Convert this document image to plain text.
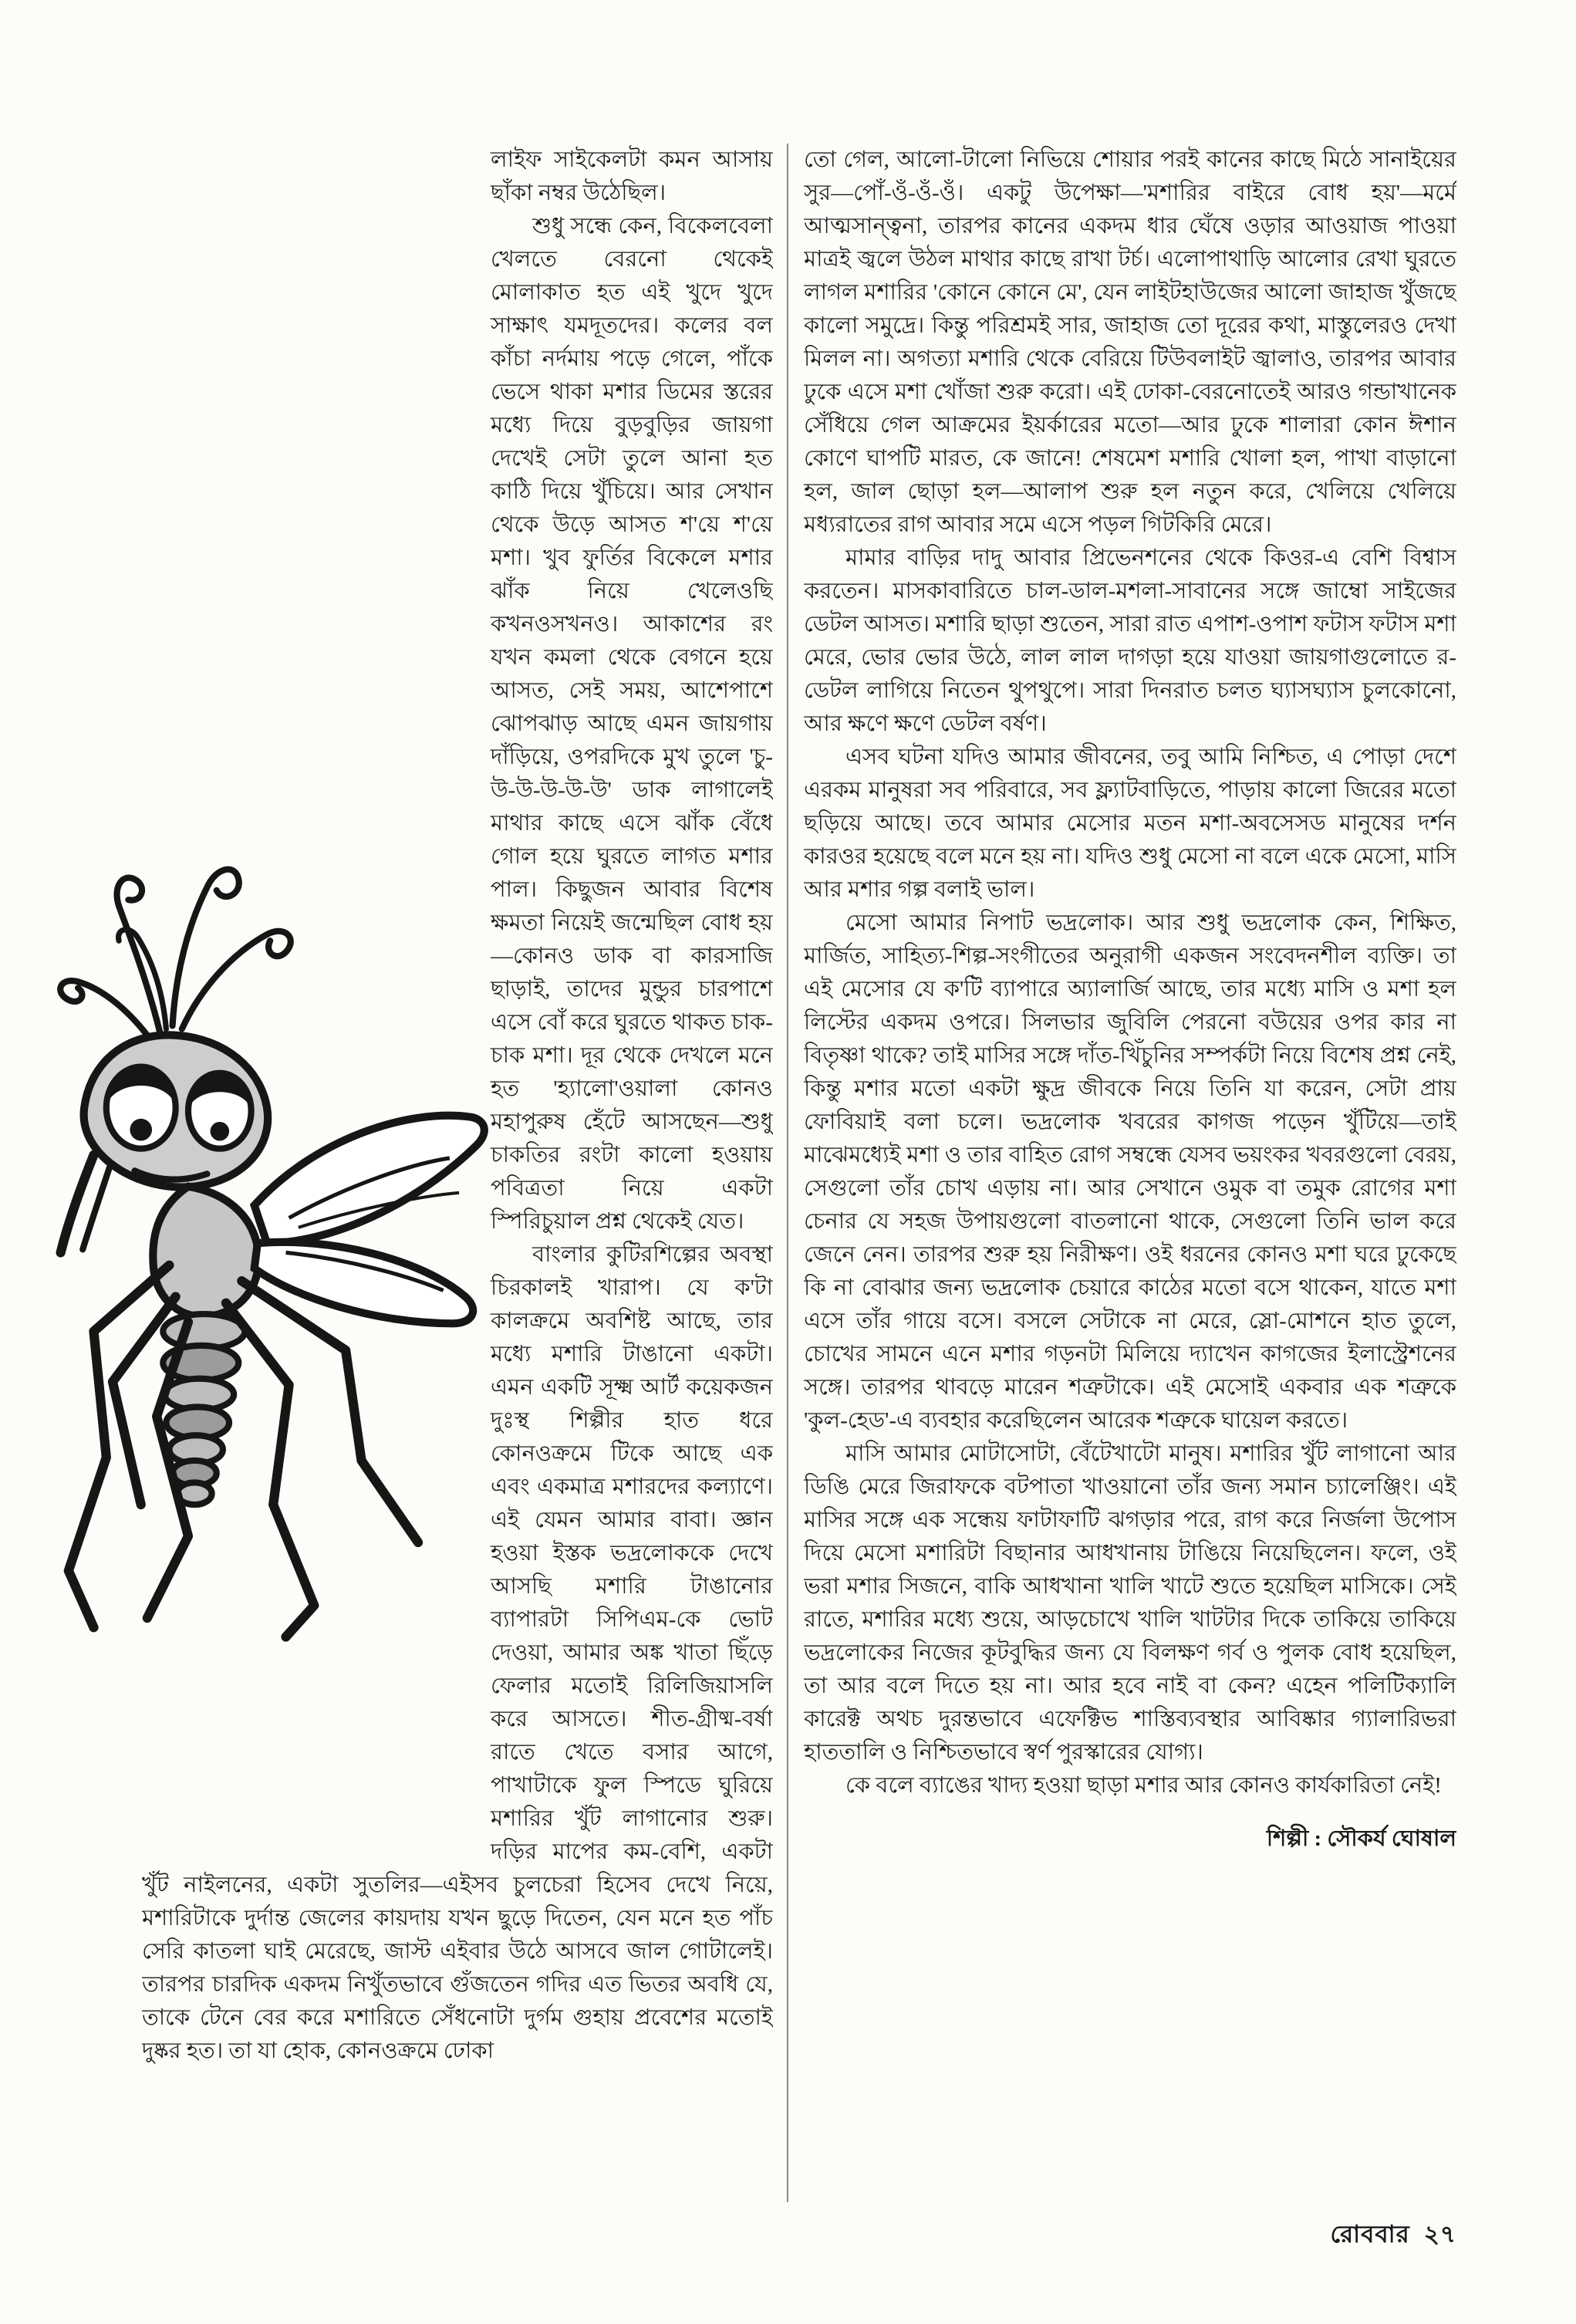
লাইফ সাইকেলটা কমন আসায় ছাঁকা নম্বর উঠেছিল।

শুধু সন্ধে কেন, বিকেলবেলা খেলতে বেরনো থেকেই মোলাকাত হত এই খুদে খুদে সাক্ষাৎ যমদূতদের। কলের বল কাঁচা নর্দমায় পড়ে গেলে, পাঁকে ভেসে থাকা মশার ডিমের স্তরের মধ্যে দিয়ে বুড়বুড়ির জায়গা দেখেই সেটা তুলে আনা হত কাঠি দিয়ে খুঁচিয়ে। আর সেখান থেকে উড়ে আসত শ'য়ে শ'য়ে মশা। খুব ফুর্তির বিকেলে মশার ঝাঁক নিয়ে খেলেওছি কখনওসখনও। আকাশের রং যখন কমলা থেকে বেগনে হয়ে আসত, সেই সময়, আশেপাশে ঝোপঝাড় আছে এমন জায়গায় দাঁড়িয়ে, ওপরদিকে মুখ তুলে 'চু-উ-উ-উ-উ-উ' ডাক লাগালেই মাথার কাছে এসে ঝাঁক বেঁধে গোল হয়ে ঘুরতে লাগত মশার পাল। কিছুজন আবার বিশেষ ক্ষমতা নিয়েই জন্মেছিল বোধ হয়—কোনও ডাক বা কারসাজি ছাড়াই, তাদের মুন্ডুর চারপাশে এসে বোঁ করে ঘুরতে থাকত চাক-চাক মশা। দূর থেকে দেখলে মনে হত 'হ্যালো'ওয়ালা কোনও মহাপুরুষ হেঁটে আসছেন—শুধু চাকতির রংটা কালো হওয়ায় পবিত্রতা নিয়ে একটা স্পিরিচুয়াল প্রশ্ন থেকেই যেত।

বাংলার কুটিরশিল্পের অবস্থা চিরকালই খারাপ। যে ক'টা কালক্রমে অবশিষ্ট আছে, তার মধ্যে মশারি টাঙানো একটা। এমন একটি সূক্ষ্ম আর্ট কয়েকজন দুঃস্থ শিল্পীর হাত ধরে কোনওক্রমে টিকে আছে এক এবং একমাত্র মশারদের কল্যাণে। এই যেমন আমার বাবা। জ্ঞান হওয়া ইস্তক ভদ্রলোককে দেখে আসছি মশারি টাঙানোর ব্যাপারটা সিপিএম-কে ভোট দেওয়া, আমার অঙ্ক খাতা ছিঁড়ে ফেলার মতোই রিলিজিয়াসলি করে আসতে। শীত-গ্রীষ্ম-বর্ষা রাতে খেতে বসার আগে, পাখাটাকে ফুল স্পিডে ঘুরিয়ে মশারির খুঁট লাগানোর শুরু। দড়ির মাপের কম-বেশি, একটা খুঁট নাইলনের, একটা সুতলির—এইসব চুলচেরা হিসেব দেখে নিয়ে, মশারিটাকে দুর্দান্ত জেলের কায়দায় যখন ছুড়ে দিতেন, যেন মনে হত পাঁচ সেরি কাতলা ঘাই মেরেছে, জাস্ট এইবার উঠে আসবে জাল গোটালেই। তারপর চারদিক একদম নিখুঁতভাবে গুঁজতেন গদির এত ভিতর অবধি যে, তাকে টেনে বের করে মশারিতে সেঁধনোটা দুর্গম গুহায় প্রবেশের মতোই দুষ্কর হত। তা যা হোক, কোনওক্রমে ঢোকা

তো গেল, আলো-টালো নিভিয়ে শোয়ার পরই কানের কাছে মিঠে সানাইয়ের সুর—পোঁ-ওঁ-ওঁ-ওঁ। একটু উপেক্ষা—'মশারির বাইরে বোধ হয়'—মর্মে আত্মসান্ত্বনা, তারপর কানের একদম ধার ঘেঁষে ওড়ার আওয়াজ পাওয়া মাত্রই জ্বলে উঠল মাথার কাছে রাখা টর্চ। এলোপাথাড়ি আলোর রেখা ঘুরতে লাগল মশারির 'কোনে কোনে মে', যেন লাইটহাউজের আলো জাহাজ খুঁজছে কালো সমুদ্রে। কিন্তু পরিশ্রমই সার, জাহাজ তো দূরের কথা, মাস্তুলেরও দেখা মিলল না। অগত্যা মশারি থেকে বেরিয়ে টিউবলাইট জ্বালাও, তারপর আবার ঢুকে এসে মশা খোঁজা শুরু করো। এই ঢোকা-বেরনোতেই আরও গন্ডাখানেক সেঁধিয়ে গেল আক্রমের ইয়র্কারের মতো—আর ঢুকে শালারা কোন ঈশান কোণে ঘাপটি মারত, কে জানে! শেষমেশ মশারি খোলা হল, পাখা বাড়ানো হল, জাল ছোড়া হল—আলাপ শুরু হল নতুন করে, খেলিয়ে খেলিয়ে মধ্যরাতের রাগ আবার সমে এসে পড়ল গিটকিরি মেরে।

মামার বাড়ির দাদু আবার প্রিভেনশনের থেকে কিওর-এ বেশি বিশ্বাস করতেন। মাসকাবারিতে চাল-ডাল-মশলা-সাবানের সঙ্গে জাম্বো সাইজের ডেটল আসত। মশারি ছাড়া শুতেন, সারা রাত এপাশ-ওপাশ ফটাস ফটাস মশা মেরে, ভোর ভোর উঠে, লাল লাল দাগড়া হয়ে যাওয়া জায়গাগুলোতে র-ডেটল লাগিয়ে নিতেন থুপথুপে। সারা দিনরাত চলত ঘ্যাসঘ্যাস চুলকোনো, আর ক্ষণে ক্ষণে ডেটল বর্ষণ।

এসব ঘটনা যদিও আমার জীবনের, তবু আমি নিশ্চিত, এ পোড়া দেশে এরকম মানুষরা সব পরিবারে, সব ফ্ল্যাটবাড়িতে, পাড়ায় কালো জিরের মতো ছড়িয়ে আছে। তবে আমার মেসোর মতন মশা-অবসেসড মানুষের দর্শন কারওর হয়েছে বলে মনে হয় না। যদিও শুধু মেসো না বলে একে মেসো, মাসি আর মশার গল্প বলাই ভাল।

মেসো আমার নিপাট ভদ্রলোক। আর শুধু ভদ্রলোক কেন, শিক্ষিত, মার্জিত, সাহিত্য-শিল্প-সংগীতের অনুরাগী একজন সংবেদনশীল ব্যক্তি। তা এই মেসোর যে ক'টি ব্যাপারে অ্যালার্জি আছে, তার মধ্যে মাসি ও মশা হল লিস্টের একদম ওপরে। সিলভার জুবিলি পেরনো বউয়ের ওপর কার না বিতৃষ্ণা থাকে? তাই মাসির সঙ্গে দাঁত-খিঁচুনির সম্পর্কটা নিয়ে বিশেষ প্রশ্ন নেই, কিন্তু মশার মতো একটা ক্ষুদ্র জীবকে নিয়ে তিনি যা করেন, সেটা প্রায় ফোবিয়াই বলা চলে। ভদ্রলোক খবরের কাগজ পড়েন খুঁটিয়ে—তাই মাঝেমধ্যেই মশা ও তার বাহিত রোগ সম্বন্ধে যেসব ভয়ংকর খবরগুলো বেরয়, সেগুলো তাঁর চোখ এড়ায় না। আর সেখানে ওমুক বা তমুক রোগের মশা চেনার যে সহজ উপায়গুলো বাতলানো থাকে, সেগুলো তিনি ভাল করে জেনে নেন। তারপর শুরু হয় নিরীক্ষণ। ওই ধরনের কোনও মশা ঘরে ঢুকেছে কি না বোঝার জন্য ভদ্রলোক চেয়ারে কাঠের মতো বসে থাকেন, যাতে মশা এসে তাঁর গায়ে বসে। বসলে সেটাকে না মেরে, স্লো-মোশনে হাত তুলে, চোখের সামনে এনে মশার গড়নটা মিলিয়ে দ্যাখেন কাগজের ইলাস্ট্রেশনের সঙ্গে। তারপর থাবড়ে মারেন শত্রুটাকে। এই মেসোই একবার এক শত্রুকে 'কুল-হেড'-এ ব্যবহার করেছিলেন আরেক শত্রুকে ঘায়েল করতে।

মাসি আমার মোটাসোটা, বেঁটেখাটো মানুষ। মশারির খুঁট লাগানো আর ডিঙি মেরে জিরাফকে বটপাতা খাওয়ানো তাঁর জন্য সমান চ্যালেঞ্জিং। এই মাসির সঙ্গে এক সন্ধেয় ফাটাফাটি ঝগড়ার পরে, রাগ করে নির্জলা উপোস দিয়ে মেসো মশারিটা বিছানার আধখানায় টাঙিয়ে নিয়েছিলেন। ফলে, ওই ভরা মশার সিজনে, বাকি আধখানা খালি খাটে শুতে হয়েছিল মাসিকে। সেই রাতে, মশারির মধ্যে শুয়ে, আড়চোখে খালি খাটটার দিকে তাকিয়ে তাকিয়ে ভদ্রলোকের নিজের কূটবুদ্ধির জন্য যে বিলক্ষণ গর্ব ও পুলক বোধ হয়েছিল, তা আর বলে দিতে হয় না। আর হবে নাই বা কেন? এহেন পলিটিক্যালি কারেক্ট অথচ দুরন্তভাবে এফেক্টিভ শাস্তিব্যবস্থার আবিষ্কার গ্যালারিভরা হাততালি ও নিশ্চিতভাবে স্বর্ণ পুরস্কারের যোগ্য।

কে বলে ব্যাঙের খাদ্য হওয়া ছাড়া মশার আর কোনও কার্যকারিতা নেই!

শিল্পী : সৌকর্য ঘোষাল
রোববার ২৭
